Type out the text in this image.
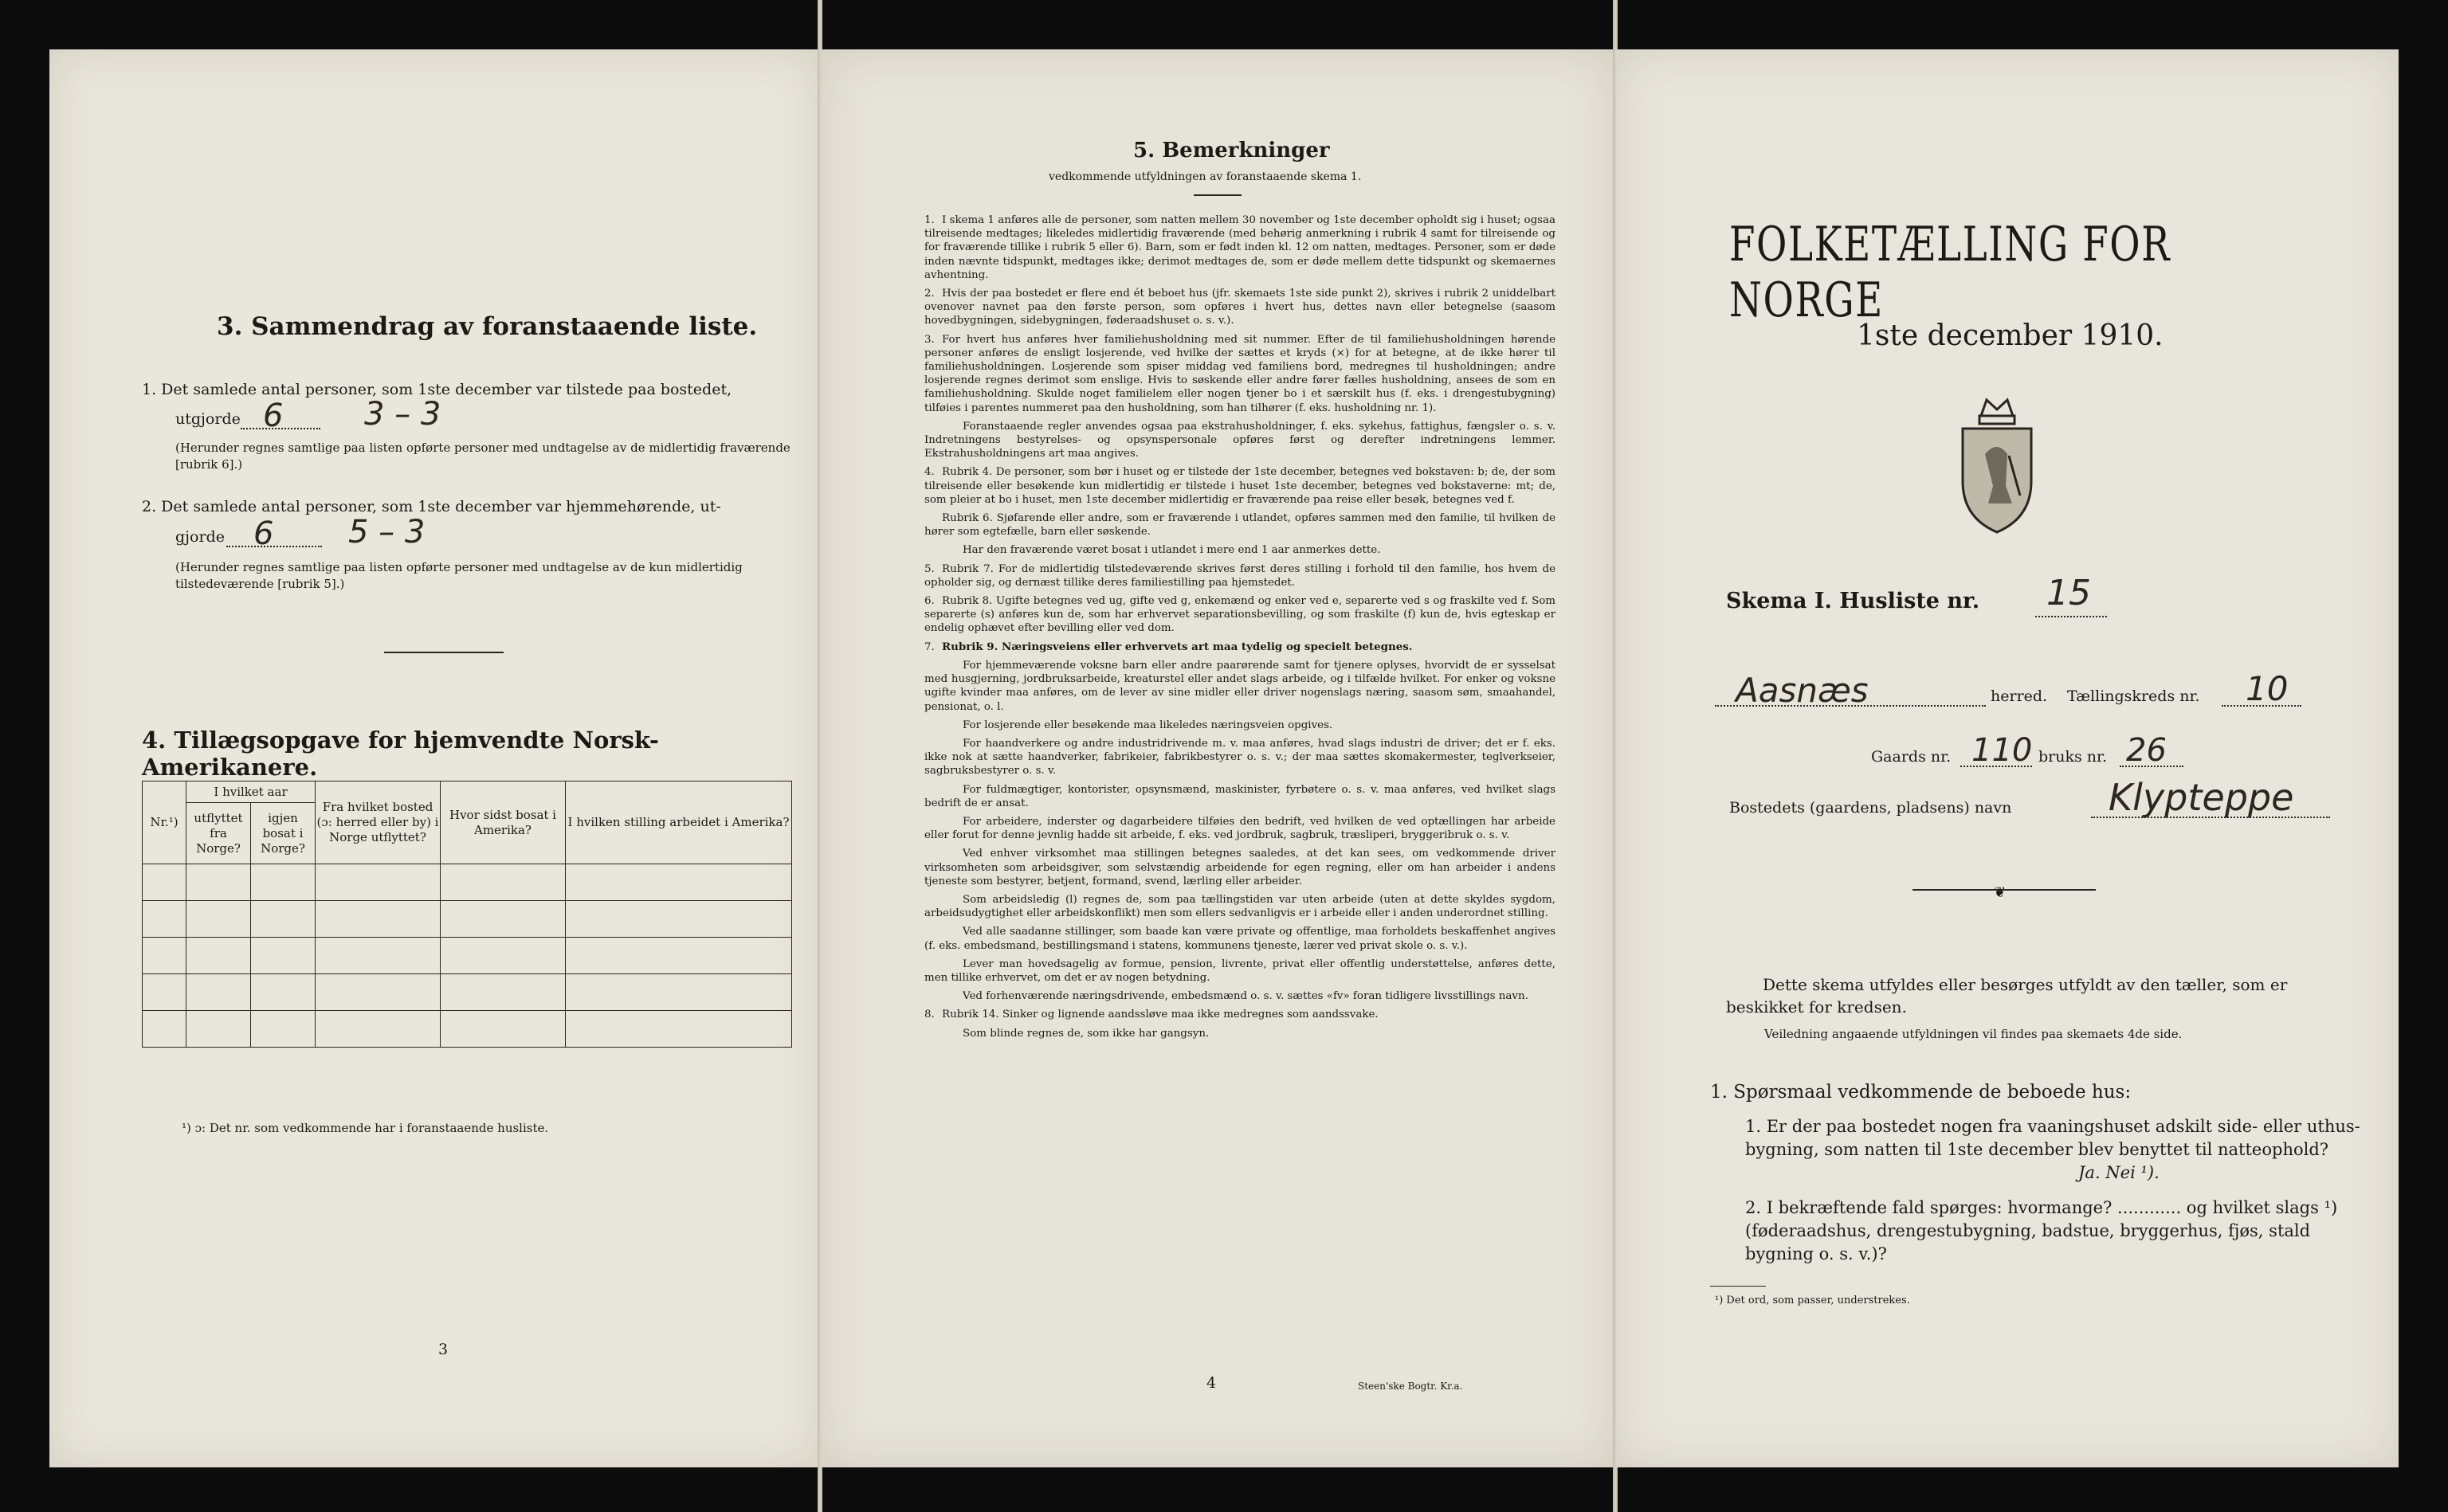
3. Sammendrag av foranstaaende liste.
1. Det samlede antal personer, som 1ste december var tilstede paa bostedet,
utgjorde 6	3 – 3
(Herunder regnes samtlige paa listen opførte personer med undtagelse av de midlertidig fraværende [rubrik 6].)
2. Det samlede antal personer, som 1ste december var hjemmehørende, ut-
gjorde 6 5 – 3
(Herunder regnes samtlige paa listen opførte personer med undtagelse av de kun midlertidig tilstedeværende [rubrik 5].)
4. Tillægsopgave for hjemvendte Norsk-Amerikanere.
Nr.¹)	I hvilket aar		Fra hvilket bosted (ɔ: herred eller by) i Norge utflyttet?	Hvor sidst bosat i Amerika?	I hvilken stilling arbeidet i Amerika?
	utflyttet fra Norge?	igjen bosat i Norge?			

¹) ɔ: Det nr. som vedkommende har i foranstaaende husliste.
3
5. Bemerkninger
vedkommende utfyldningen av foranstaaende skema 1.

1. I skema 1 anføres alle de personer, som natten mellem 30 november og 1ste december opholdt sig i huset; ogsaa tilreisende medtages; likeledes midlertidig fraværende (med behørig anmerkning i rubrik 4 samt for tilreisende og for fraværende tillike i rubrik 5 eller 6). Barn, som er født inden kl. 12 om natten, medtages. Personer, som er døde inden nævnte tidspunkt, medtages ikke; derimot medtages de, som er døde mellem dette tidspunkt og skemaernes avhentning.

2. Hvis der paa bostedet er flere end ét beboet hus (jfr. skemaets 1ste side punkt 2), skrives i rubrik 2 uniddelbart ovenover navnet paa den første person, som opføres i hvert hus, dettes navn eller betegnelse (saasom hovedbygningen, sidebygningen, føderaadshuset o. s. v.).

3. For hvert hus anføres hver familiehusholdning med sit nummer. Efter de til familiehusholdningen hørende personer anføres de ensligt losjerende, ved hvilke der sættes et kryds (×) for at betegne, at de ikke hører til familiehusholdningen. Losjerende som spiser middag ved familiens bord, medregnes til husholdningen; andre losjerende regnes derimot som enslige. Hvis to søskende eller andre fører fælles husholdning, ansees de som en familiehusholdning. Skulde noget familielem eller nogen tjener bo i et særskilt hus (f. eks. i drengestubygning) tilføies i parentes nummeret paa den husholdning, som han tilhører (f. eks. husholdning nr. 1).

Foranstaaende regler anvendes ogsaa paa ekstrahusholdninger, f. eks. sykehus, fattighus, fængsler o. s. v. Indretningens bestyrelses- og opsynspersonale opføres først og derefter indretningens lemmer. Ekstrahusholdningens art maa angives.

4. Rubrik 4. De personer, som bør i huset og er tilstede der 1ste december, betegnes ved bokstaven: b; de, der som tilreisende eller besøkende kun midlertidig er tilstede i huset 1ste december, betegnes ved bokstaverne: mt; de, som pleier at bo i huset, men 1ste december midlertidig er fraværende paa reise eller besøk, betegnes ved f.

Rubrik 6. Sjøfarende eller andre, som er fraværende i utlandet, opføres sammen med den familie, til hvilken de hører som egtefælle, barn eller søskende.

Har den fraværende været bosat i utlandet i mere end 1 aar anmerkes dette.

5. Rubrik 7. For de midlertidig tilstedeværende skrives først deres stilling i forhold til den familie, hos hvem de opholder sig, og dernæst tillike deres familiestilling paa hjemstedet.

6. Rubrik 8. Ugifte betegnes ved ug, gifte ved g, enkemænd og enker ved e, separerte ved s og fraskilte ved f. Som separerte (s) anføres kun de, som har erhvervet separationsbevilling, og som fraskilte (f) kun de, hvis egteskap er endelig ophævet efter bevilling eller ved dom.

7. Rubrik 9. Næringsveiens eller erhvervets art maa tydelig og specielt betegnes.

For hjemmeværende voksne barn eller andre paarørende samt for tjenere oplyses, hvorvidt de er sysselsat med husgjerning, jordbruksarbeide, kreaturstel eller andet slags arbeide, og i tilfælde hvilket. For enker og voksne ugifte kvinder maa anføres, om de lever av sine midler eller driver nogenslags næring, saasom søm, smaahandel, pensionat, o. l.

For losjerende eller besøkende maa likeledes næringsveien opgives.

For haandverkere og andre industridrivende m. v. maa anføres, hvad slags industri de driver; det er f. eks. ikke nok at sætte haandverker, fabrikeier, fabrikbestyrer o. s. v.; der maa sættes skomakermester, teglverkseier, sagbruksbestyrer o. s. v.

For fuldmægtiger, kontorister, opsynsmænd, maskinister, fyrbøtere o. s. v. maa anføres, ved hvilket slags bedrift de er ansat.

For arbeidere, inderster og dagarbeidere tilføies den bedrift, ved hvilken de ved optællingen har arbeide eller forut for denne jevnlig hadde sit arbeide, f. eks. ved jordbruk, sagbruk, træsliperi, bryggeribruk o. s. v.

Ved enhver virksomhet maa stillingen betegnes saaledes, at det kan sees, om vedkommende driver virksomheten som arbeidsgiver, som selvstændig arbeidende for egen regning, eller om han arbeider i andens tjeneste som bestyrer, betjent, formand, svend, lærling eller arbeider.

Som arbeidsledig (l) regnes de, som paa tællingstiden var uten arbeide (uten at dette skyldes sygdom, arbeidsudygtighet eller arbeidskonflikt) men som ellers sedvanligvis er i arbeide eller i anden underordnet stilling.

Ved alle saadanne stillinger, som baade kan være private og offentlige, maa forholdets beskaffenhet angives (f. eks. embedsmand, bestillingsmand i statens, kommunens tjeneste, lærer ved privat skole o. s. v.).

Lever man hovedsagelig av formue, pension, livrente, privat eller offentlig understøttelse, anføres dette, men tillike erhvervet, om det er av nogen betydning.

Ved forhenværende næringsdrivende, embedsmænd o. s. v. sættes «fv» foran tidligere livsstillings navn.

8. Rubrik 14. Sinker og lignende aandssløve maa ikke medregnes som aandssvake.

Som blinde regnes de, som ikke har gangsyn.

4	Steen'ske Bogtr. Kr.a.
FOLKETÆLLING FOR NORGE
1ste december 1910.
Skema I. Husliste nr. 15
Aasnæs	herred. Tællingskreds nr. 10
Gaards nr. 110 bruks nr. 26
Bostedets (gaardens, pladsens) navn	Klypteppe
❦
Dette skema utfyldes eller besørges utfyldt av den tæller, som er beskikket for kredsen.
Veiledning angaaende utfyldningen vil findes paa skemaets 4de side.
1. Spørsmaal vedkommende de beboede hus:
1. Er der paa bostedet nogen fra vaaningshuset adskilt side- eller uthus-bygning, som natten til 1ste december blev benyttet til natteophold?
Ja. Nei ¹).
2. I bekræftende fald spørges: hvormange? ............ og hvilket slags ¹) (føderaadshus, drengestubygning, badstue, bryggerhus, fjøs, stald bygning o. s. v.)?
¹) Det ord, som passer, understrekes.
